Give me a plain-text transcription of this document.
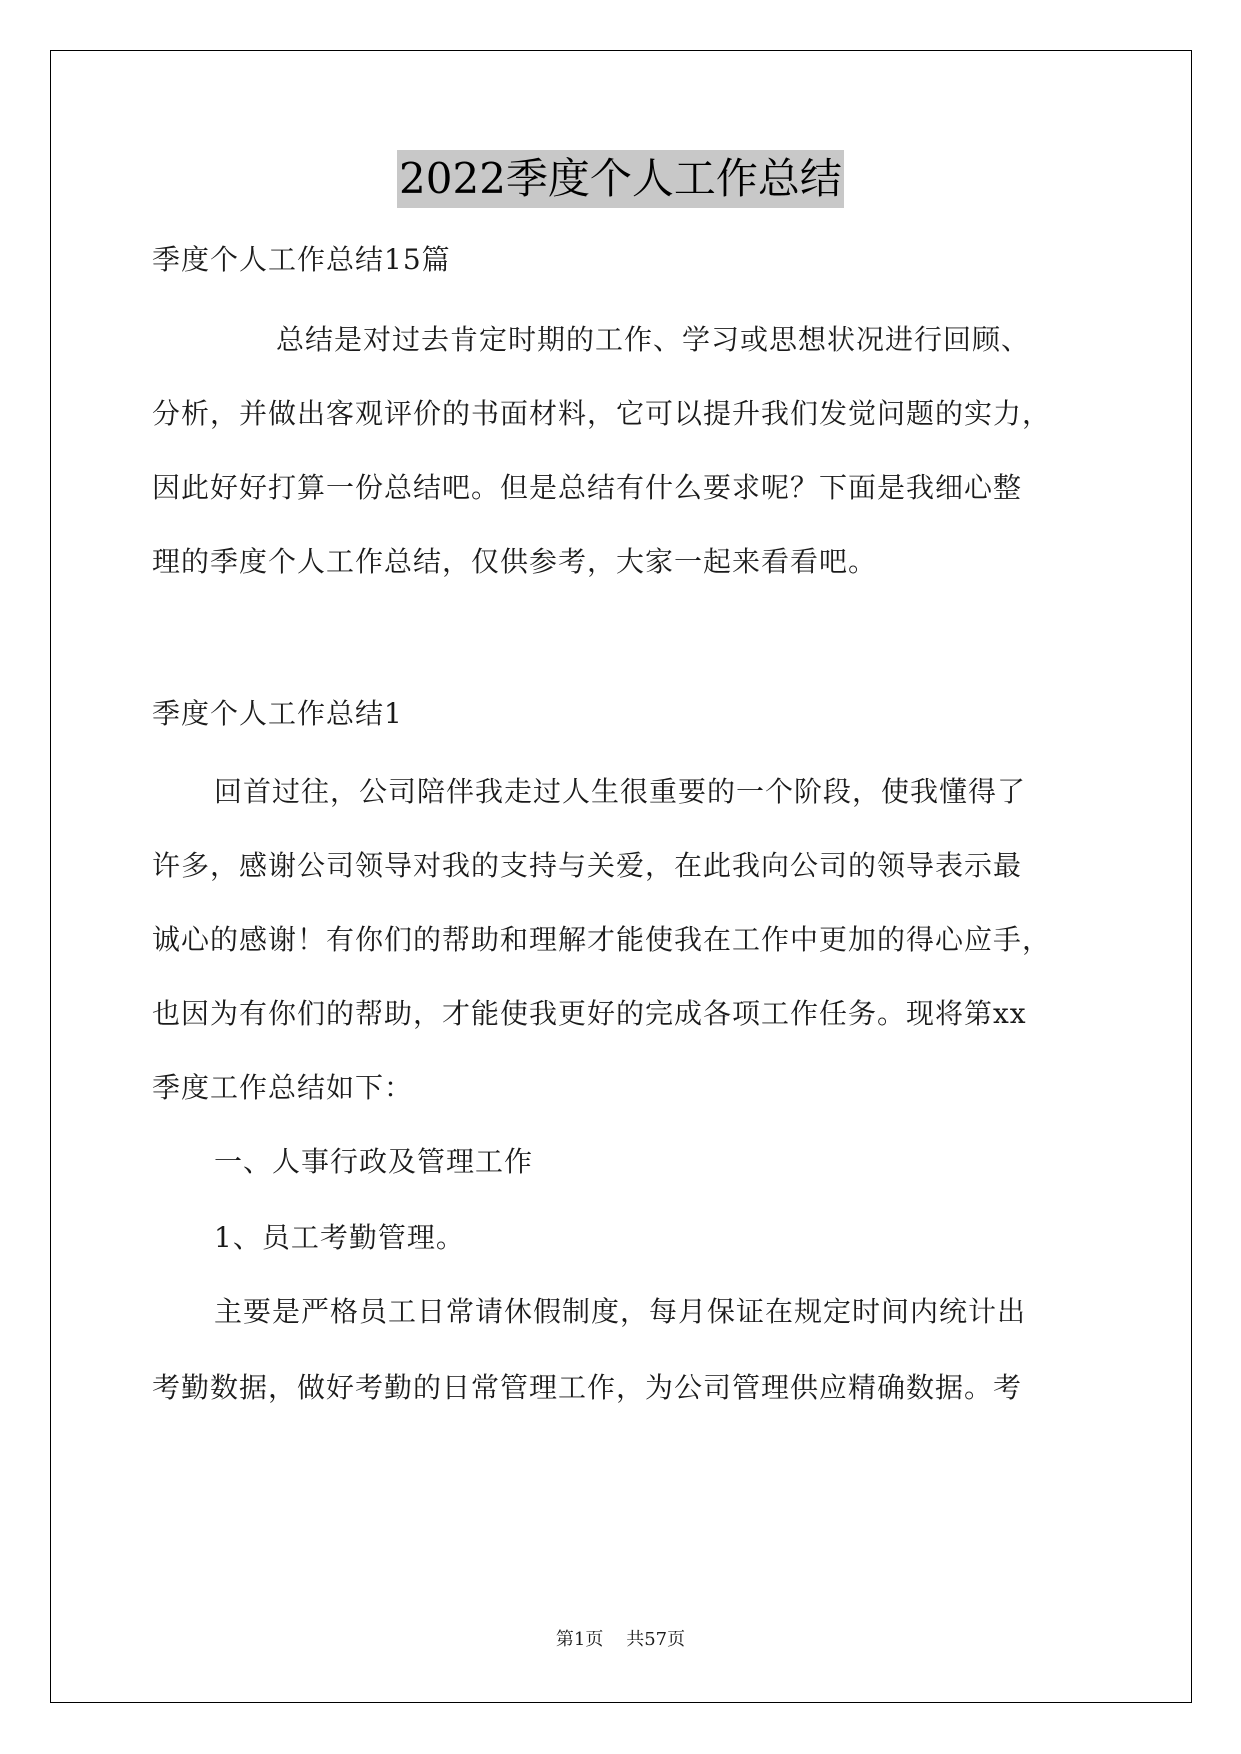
2022季度个人工作总结
季度个人工作总结15篇
总结是对过去肯定时期的工作、学习或思想状况进行回顾、
分析，并做出客观评价的书面材料，它可以提升我们发觉问题的实力，
因此好好打算一份总结吧。但是总结有什么要求呢？下面是我细心整
理的季度个人工作总结，仅供参考，大家一起来看看吧。
季度个人工作总结1
回首过往，公司陪伴我走过人生很重要的一个阶段，使我懂得了
许多，感谢公司领导对我的支持与关爱，在此我向公司的领导表示最
诚心的感谢！有你们的帮助和理解才能使我在工作中更加的得心应手，
也因为有你们的帮助，才能使我更好的完成各项工作任务。现将第xx
季度工作总结如下：
一、人事行政及管理工作
1、员工考勤管理。
主要是严格员工日常请休假制度，每月保证在规定时间内统计出
考勤数据，做好考勤的日常管理工作，为公司管理供应精确数据。考
第1页    共57页
